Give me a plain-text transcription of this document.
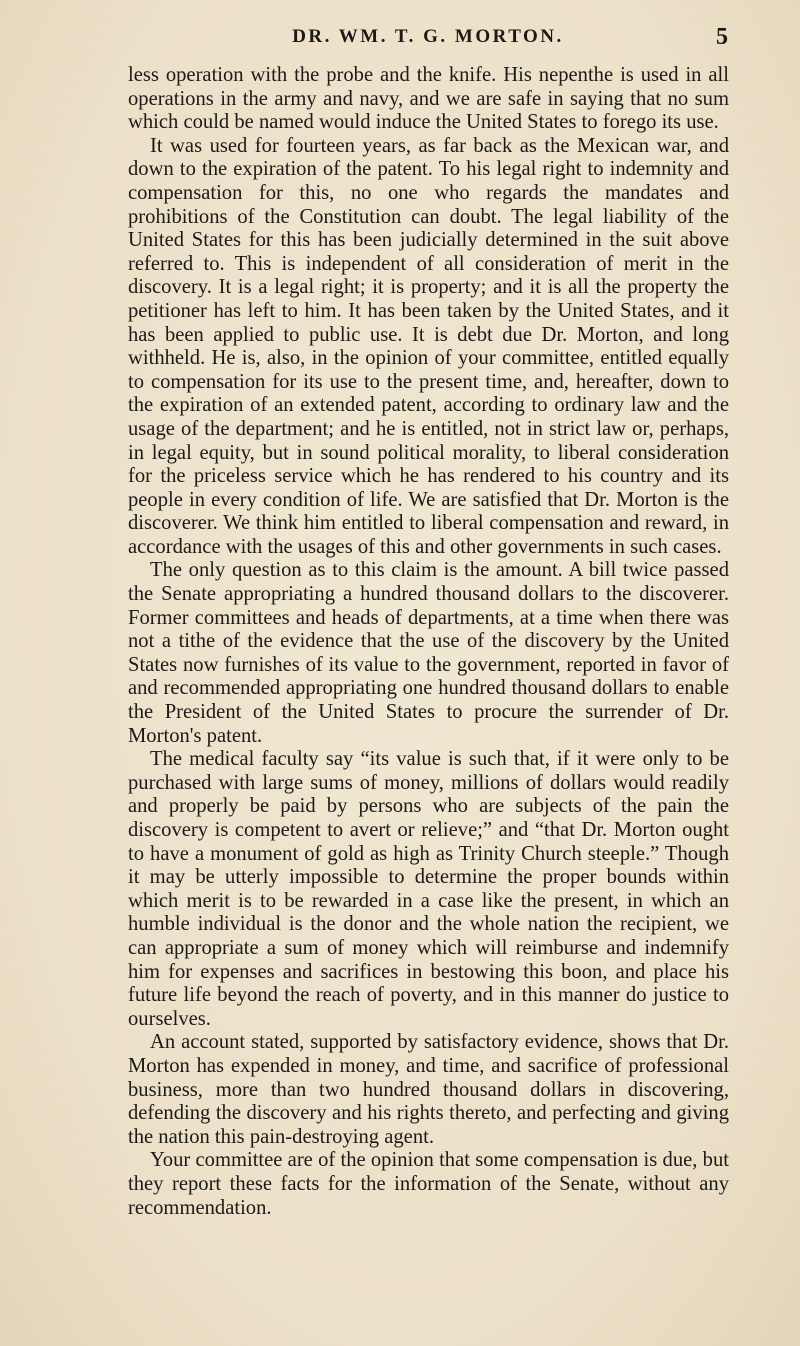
DR. WM. T. G. MORTON.	5

less operation with the probe and the knife. His nepenthe is used in all operations in the army and navy, and we are safe in saying that no sum which could be named would induce the United States to forego its use.

It was used for fourteen years, as far back as the Mexican war, and down to the expiration of the patent. To his legal right to indemnity and compensation for this, no one who regards the mandates and prohibitions of the Constitution can doubt. The legal liability of the United States for this has been judicially determined in the suit above referred to. This is independent of all consideration of merit in the discovery. It is a legal right; it is property; and it is all the property the petitioner has left to him. It has been taken by the United States, and it has been applied to public use. It is debt due Dr. Morton, and long withheld. He is, also, in the opinion of your committee, entitled equally to compensation for its use to the present time, and, hereafter, down to the expiration of an extended patent, according to ordinary law and the usage of the department; and he is entitled, not in strict law or, perhaps, in legal equity, but in sound political morality, to liberal consideration for the priceless service which he has rendered to his country and its people in every condition of life. We are satisfied that Dr. Morton is the discoverer. We think him entitled to liberal compensation and reward, in accordance with the usages of this and other governments in such cases.

The only question as to this claim is the amount. A bill twice passed the Senate appropriating a hundred thousand dollars to the discoverer. Former committees and heads of departments, at a time when there was not a tithe of the evidence that the use of the discovery by the United States now furnishes of its value to the government, reported in favor of and recommended appropriating one hundred thousand dollars to enable the President of the United States to procure the surrender of Dr. Morton's patent.

The medical faculty say “its value is such that, if it were only to be purchased with large sums of money, millions of dollars would readily and properly be paid by persons who are subjects of the pain the discovery is competent to avert or relieve;” and “that Dr. Morton ought to have a monument of gold as high as Trinity Church steeple.” Though it may be utterly impossible to determine the proper bounds within which merit is to be rewarded in a case like the present, in which an humble individual is the donor and the whole nation the recipient, we can appropriate a sum of money which will reimburse and indemnify him for expenses and sacrifices in bestowing this boon, and place his future life beyond the reach of poverty, and in this manner do justice to ourselves.

An account stated, supported by satisfactory evidence, shows that Dr. Morton has expended in money, and time, and sacrifice of professional business, more than two hundred thousand dollars in discovering, defending the discovery and his rights thereto, and perfecting and giving the nation this pain-destroying agent.

Your committee are of the opinion that some compensation is due, but they report these facts for the information of the Senate, without any recommendation.
